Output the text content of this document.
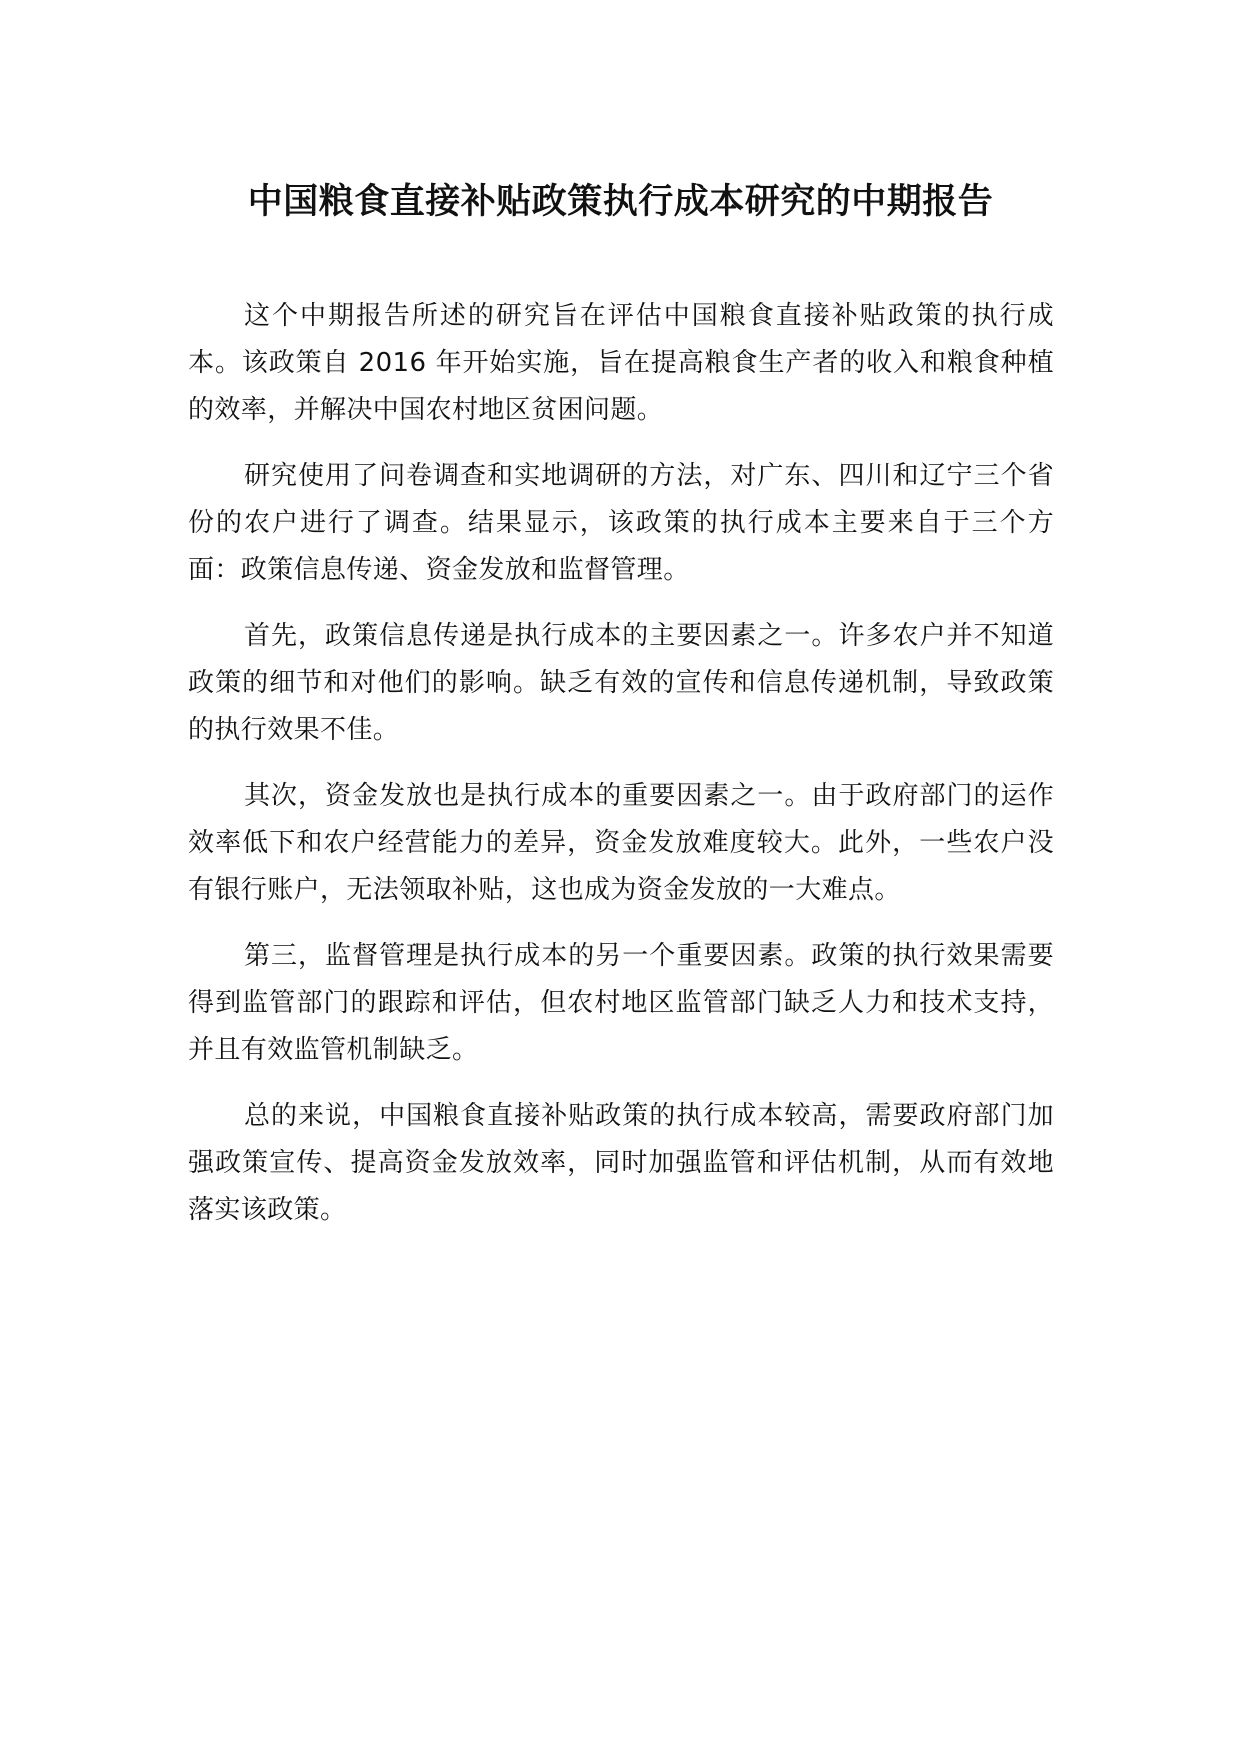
中国粮食直接补贴政策执行成本研究的中期报告

这个中期报告所述的研究旨在评估中国粮食直接补贴政策的执行成本。该政策自 2016 年开始实施，旨在提高粮食生产者的收入和粮食种植的效率，并解决中国农村地区贫困问题。

研究使用了问卷调查和实地调研的方法，对广东、四川和辽宁三个省份的农户进行了调查。结果显示，该政策的执行成本主要来自于三个方面：政策信息传递、资金发放和监督管理。

首先，政策信息传递是执行成本的主要因素之一。许多农户并不知道政策的细节和对他们的影响。缺乏有效的宣传和信息传递机制，导致政策的执行效果不佳。

其次，资金发放也是执行成本的重要因素之一。由于政府部门的运作效率低下和农户经营能力的差异，资金发放难度较大。此外，一些农户没有银行账户，无法领取补贴，这也成为资金发放的一大难点。

第三，监督管理是执行成本的另一个重要因素。政策的执行效果需要得到监管部门的跟踪和评估，但农村地区监管部门缺乏人力和技术支持，并且有效监管机制缺乏。

总的来说，中国粮食直接补贴政策的执行成本较高，需要政府部门加强政策宣传、提高资金发放效率，同时加强监管和评估机制，从而有效地落实该政策。
